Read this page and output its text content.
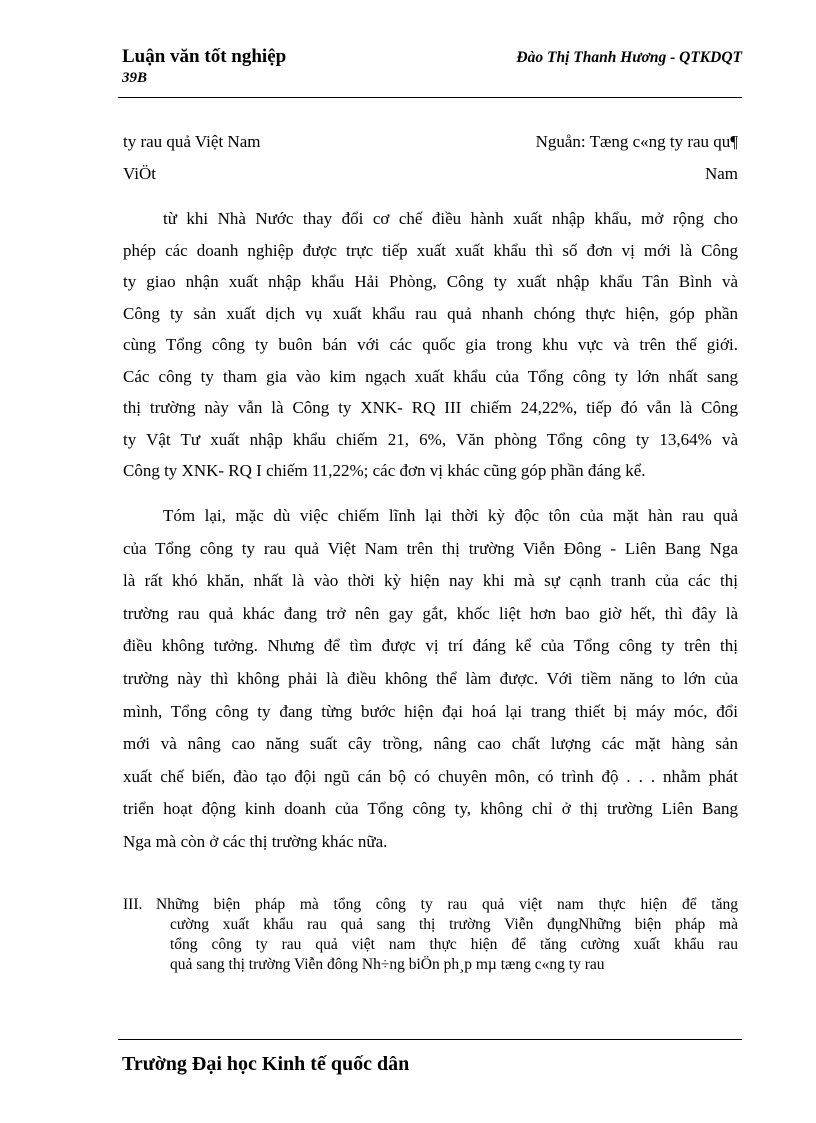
Luận văn tốt nghiệp
39B
Đào Thị Thanh Hương - QTKDQT
ty rau quả Việt Nam	Nguån: Tæng c«ng ty rau qu¶
ViÖt	Nam
từ khi Nhà Nước thay đổi cơ chế điều hành xuất nhập khẩu, mở rộng cho
phép các doanh nghiệp được trực tiếp xuất xuất khẩu thì số đơn vị mới là Công
ty giao nhận xuất nhập khẩu Hải Phòng, Công ty xuất nhập khẩu Tân Bình và
Công ty sản xuất dịch vụ xuất khẩu rau quả nhanh chóng thực hiện, góp phần
cùng Tổng công ty buôn bán với các quốc gia trong khu vực và trên thế giới.
Các công ty tham gia vào kim ngạch xuất khẩu của Tổng công ty lớn nhất sang
thị trường này vẫn là Công ty XNK- RQ III chiếm 24,22%, tiếp đó vẫn là Công
ty Vật Tư xuất nhập khẩu chiếm 21, 6%, Văn phòng Tổng công ty 13,64% và
Công ty XNK- RQ I chiếm 11,22%; các đơn vị khác cũng góp phần đáng kể.
Tóm lại, mặc dù việc chiếm lĩnh lại thời kỳ độc tôn của mặt hàn rau quả
của Tổng công ty rau quả Việt Nam trên thị trường Viễn Đông - Liên Bang Nga
là rất khó khăn, nhất là vào thời kỳ hiện nay khi mà sự cạnh tranh của các thị
trường rau quả khác đang trở nên gay gắt, khốc liệt hơn bao giờ hết, thì đây là
điều không tưởng. Nhưng để tìm được vị trí đáng kể của Tổng công ty trên thị
trường này thì không phải là điều không thể làm được. Với tiềm năng to lớn của
mình, Tổng công ty đang từng bước hiện đại hoá lại trang thiết bị máy móc, đổi
mới và nâng cao năng suất cây trồng, nâng cao chất lượng các mặt hàng sản
xuất chế biến, đào tạo đội ngũ cán bộ có chuyên môn, có trình độ . . . nhằm phát
triển hoạt động kinh doanh của Tổng công ty, không chỉ ở thị trường Liên Bang
Nga mà còn ở các thị trường khác nữa.
III. Những biện pháp mà tổng công ty rau quả việt nam thực hiện để tăng
cường xuất khẩu rau quả sang thị trường Viễn đụngNhững biện pháp mà
tổng công ty rau quả việt nam thực hiện để tăng cường xuất khẩu rau
quả sang thị trường Viễn đông Nh÷ng biÖn ph¸p mµ tæng c«ng ty rau
Trường Đại học Kinh tế quốc dân
